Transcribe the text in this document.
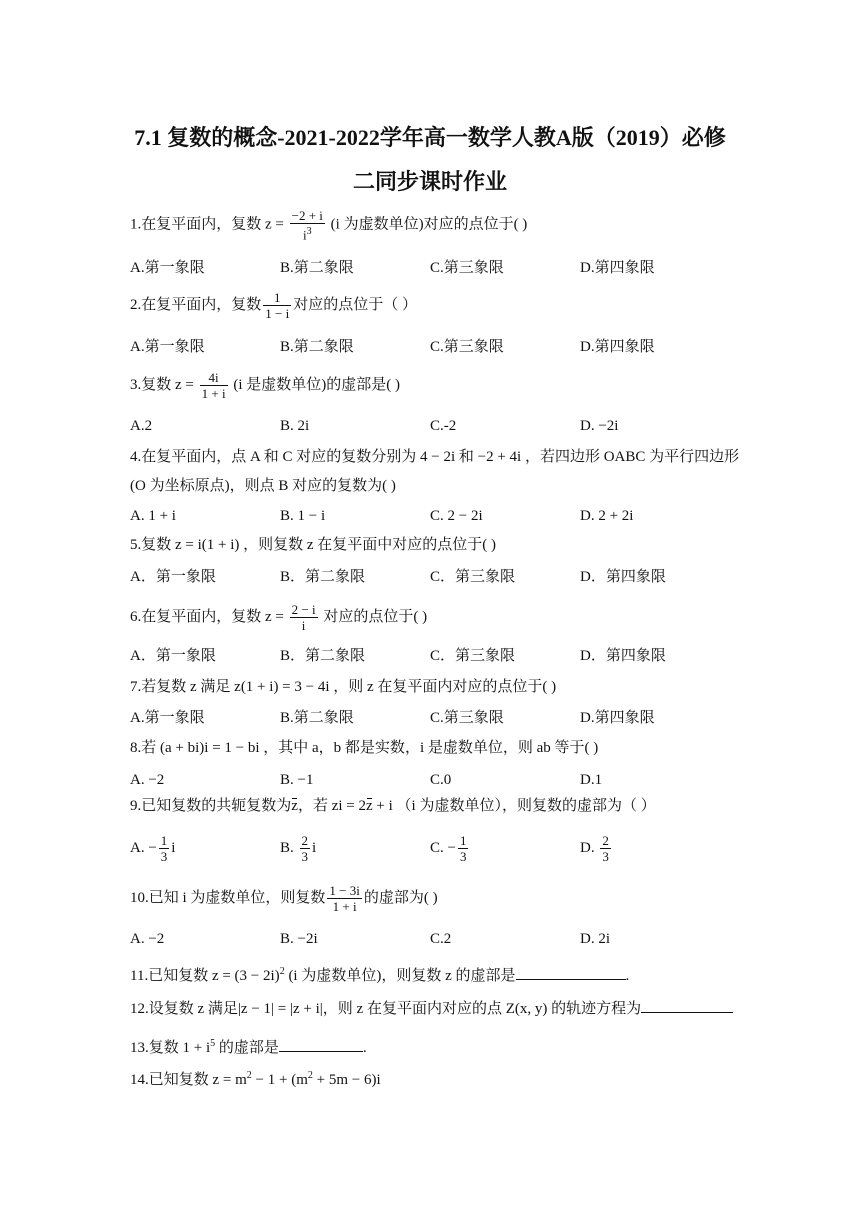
7.1 复数的概念-2021-2022学年高一数学人教A版（2019）必修
二同步课时作业
1.在复平面内，复数 $z = \frac{-2 + i}{i^3} (i$ 为虚数单位)对应的点位于( )
A.第一象限	B.第二象限	C.第三象限	D.第四象限
2.在复平面内，复数 $\frac{1}{1 - i}$ 对应的点位于（ ）
A.第一象限	B.第二象限	C.第三象限	D.第四象限
3.复数 $z = \frac{4i}{1 + i} (i$ 是虚数单位)的虚部是( )
A.2	B. 2i	C.-2	D. −2i
4.在复平面内，点 A 和 C 对应的复数分别为 4 − 2i 和 −2 + 4i ，若四边形 OABC 为平行四边形
(O 为坐标原点)，则点 B 对应的复数为( )
A. 1 + i	B. 1 − i	C. 2 − 2i	D. 2 + 2i
5.复数 z = i(1 + i) ，则复数 z 在复平面中对应的点位于( )
A．第一象限	B．第二象限	C．第三象限	D．第四象限
6.在复平面内，复数 $z = \frac{2 - i}{i}$ 对应的点位于( )
A．第一象限	B．第二象限	C．第三象限	D．第四象限
7.若复数 z 满足 z(1 + i) = 3 − 4i ，则 z 在复平面内对应的点位于( )
A.第一象限	B.第二象限	C.第三象限	D.第四象限
8.若 (a + bi)i = 1 − bi ，其中 a，b 都是实数，i 是虚数单位，则 ab 等于( )
A. −2	B. −1	C.0	D.1
9.已知复数的共轭复数为z，若 zi = 2z + i （i 为虚数单位），则复数的虚部为（ ）
A. − $\frac{1}{3}$ i	B. $\frac{2}{3}$ i	C. − $\frac{1}{3}$	D. $\frac{2}{3}$
10.已知 i 为虚数单位，则复数 $\frac{1 - 3i}{1 + i}$ 的虚部为( )
A. −2	B. −2i	C.2	D. 2i
11.已知复数 $z = (3 - 2i)^2$ (i 为虚数单位)，则复数 z 的虚部是	.
12.设复数 z 满足|z − 1| = |z + i|，则 z 在复平面内对应的点 Z(x, y) 的轨迹方程为
13.复数 $1 + i^5$ 的虚部是	.
14.已知复数 $z = m^2 - 1 + (m^2 + 5m - 6)i$
